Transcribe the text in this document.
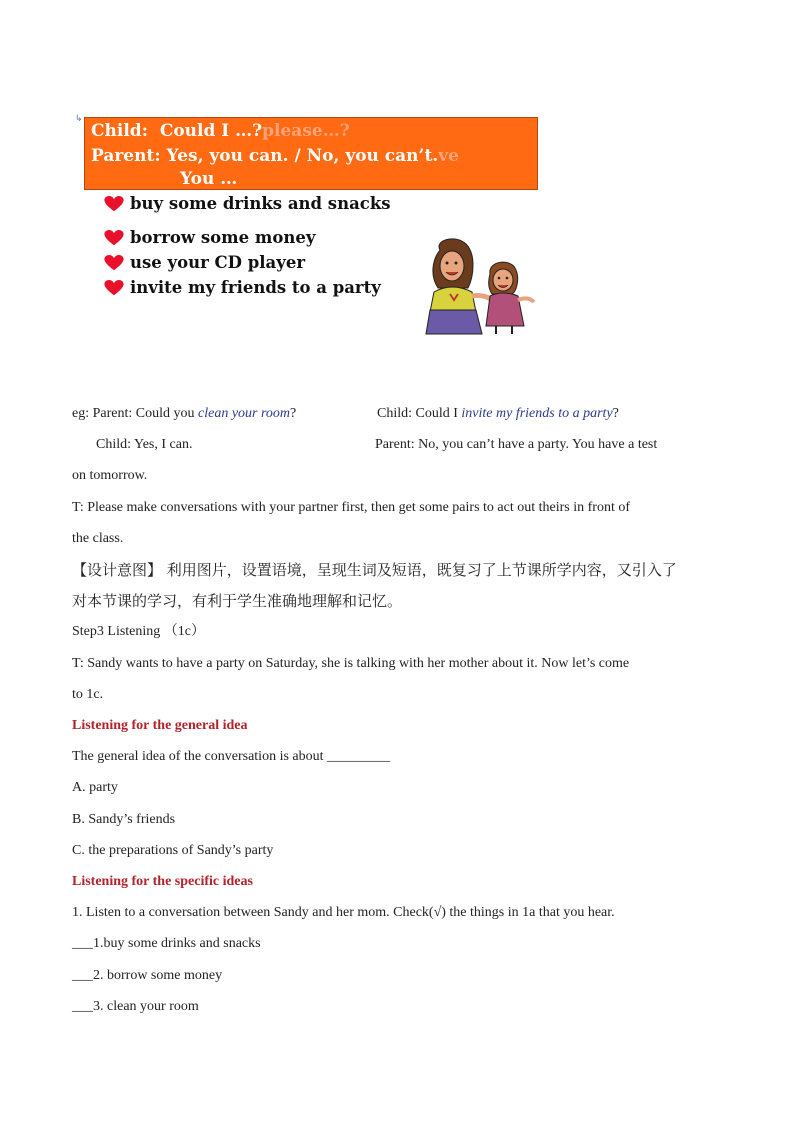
↳
Child: Could I …?please…?
Parent: Yes, you can. / No, you can’t.ve
You …
buy some drinks and snacks
borrow some money
use your CD player
invite my friends to a party
eg: Parent: Could you clean your room?	Child: Could I invite my friends to a party?
Child: Yes, I can.	Parent: No, you can’t have a party. You have a test
on tomorrow.
T: Please make conversations with your partner first, then get some pairs to act out theirs in front of
the class.
【设计意图】 利用图片，设置语境，呈现生词及短语，既复习了上节课所学内容，又引入了
对本节课的学习，有利于学生准确地理解和记忆。
Step3 Listening （1c）
T: Sandy wants to have a party on Saturday, she is talking with her mother about it. Now let’s come
to 1c.
Listening for the general idea
The general idea of the conversation is about _________
A. party
B. Sandy’s friends
C. the preparations of Sandy’s party
Listening for the specific ideas
1. Listen to a conversation between Sandy and her mom. Check(√) the things in 1a that you hear.
___1.buy some drinks and snacks
___2. borrow some money
___3. clean your room
